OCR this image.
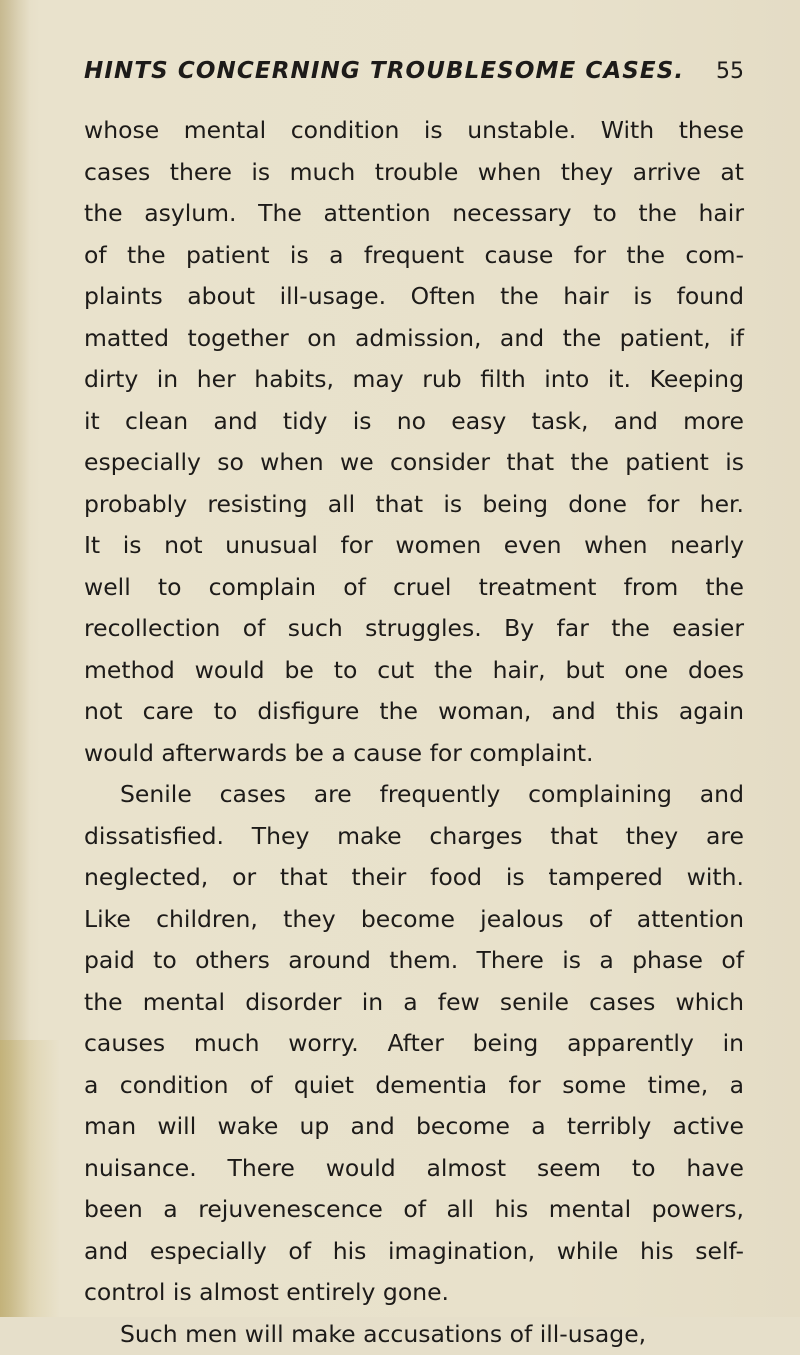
HINTS CONCERNING TROUBLESOME CASES. 55
whose mental condition is unstable. With these
cases there is much trouble when they arrive at
the asylum. The attention necessary to the hair
of the patient is a frequent cause for the com-
plaints about ill-usage. Often the hair is found
matted together on admission, and the patient, if
dirty in her habits, may rub filth into it. Keeping
it clean and tidy is no easy task, and more
especially so when we consider that the patient is
probably resisting all that is being done for her.
It is not unusual for women even when nearly
well to complain of cruel treatment from the
recollection of such struggles. By far the easier
method would be to cut the hair, but one does
not care to disfigure the woman, and this again
would afterwards be a cause for complaint.
Senile cases are frequently complaining and
dissatisfied. They make charges that they are
neglected, or that their food is tampered with.
Like children, they become jealous of attention
paid to others around them. There is a phase of
the mental disorder in a few senile cases which
causes much worry. After being apparently in
a condition of quiet dementia for some time, a
man will wake up and become a terribly active
nuisance. There would almost seem to have
been a rejuvenescence of all his mental powers,
and especially of his imagination, while his self-
control is almost entirely gone.
Such men will make accusations of ill-usage,
